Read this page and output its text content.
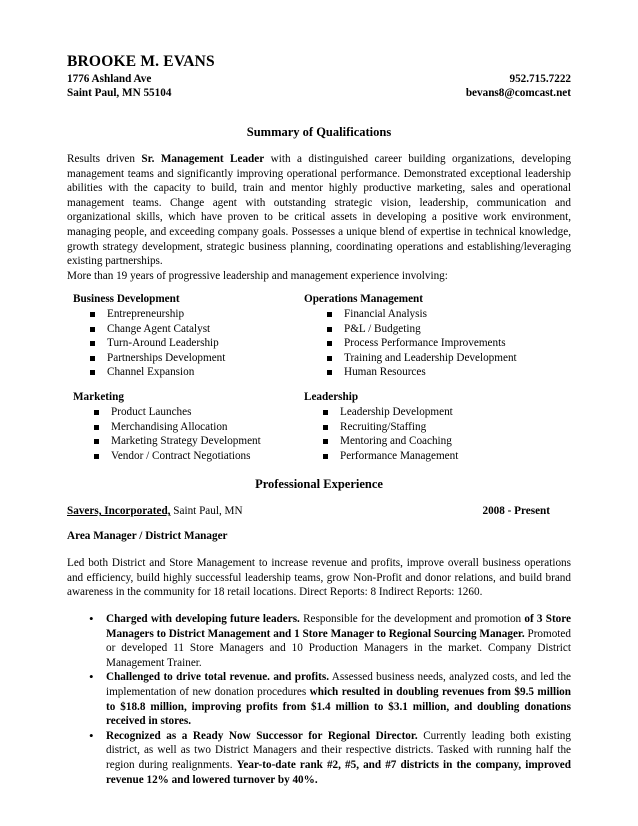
BROOKE M. EVANS
1776 Ashland Ave
Saint Paul, MN 55104
952.715.7222
bevans8@comcast.net
Summary of Qualifications
Results driven Sr. Management Leader with a distinguished career building organizations, developing management teams and significantly improving operational performance. Demonstrated exceptional leadership abilities with the capacity to build, train and mentor highly productive marketing, sales and operational management teams. Change agent with outstanding strategic vision, leadership, communication and organizational skills, which have proven to be critical assets in developing a positive work environment, managing people, and exceeding company goals. Possesses a unique blend of expertise in technical knowledge, growth strategy development, strategic business planning, coordinating operations and establishing/leveraging existing partnerships.
More than 19 years of progressive leadership and management experience involving:
Business Development
Entrepreneurship
Change Agent Catalyst
Turn-Around Leadership
Partnerships Development
Channel Expansion
Operations Management
Financial Analysis
P&L / Budgeting
Process Performance Improvements
Training and Leadership Development
Human Resources
Marketing
Product Launches
Merchandising Allocation
Marketing Strategy Development
Vendor / Contract Negotiations
Leadership
Leadership Development
Recruiting/Staffing
Mentoring and Coaching
Performance Management
Professional Experience
Savers, Incorporated, Saint Paul, MN	2008 - Present
Area Manager / District Manager
Led both District and Store Management to increase revenue and profits, improve overall business operations and efficiency, build highly successful leadership teams, grow Non-Profit and donor relations, and build brand awareness in the community for 18 retail locations. Direct Reports: 8 Indirect Reports: 1260.
• Charged with developing future leaders. Responsible for the development and promotion of 3 Store Managers to District Management and 1 Store Manager to Regional Sourcing Manager. Promoted or developed 11 Store Managers and 10 Production Managers in the market. Company District Management Trainer.
• Challenged to drive total revenue. and profits. Assessed business needs, analyzed costs, and led the implementation of new donation procedures which resulted in doubling revenues from $9.5 million to $18.8 million, improving profits from $1.4 million to $3.1 million, and doubling donations received in stores.
• Recognized as a Ready Now Successor for Regional Director. Currently leading both existing district, as well as two District Managers and their respective districts. Tasked with running half the region during realignments. Year-to-date rank #2, #5, and #7 districts in the company, improved revenue 12% and lowered turnover by 40%.
